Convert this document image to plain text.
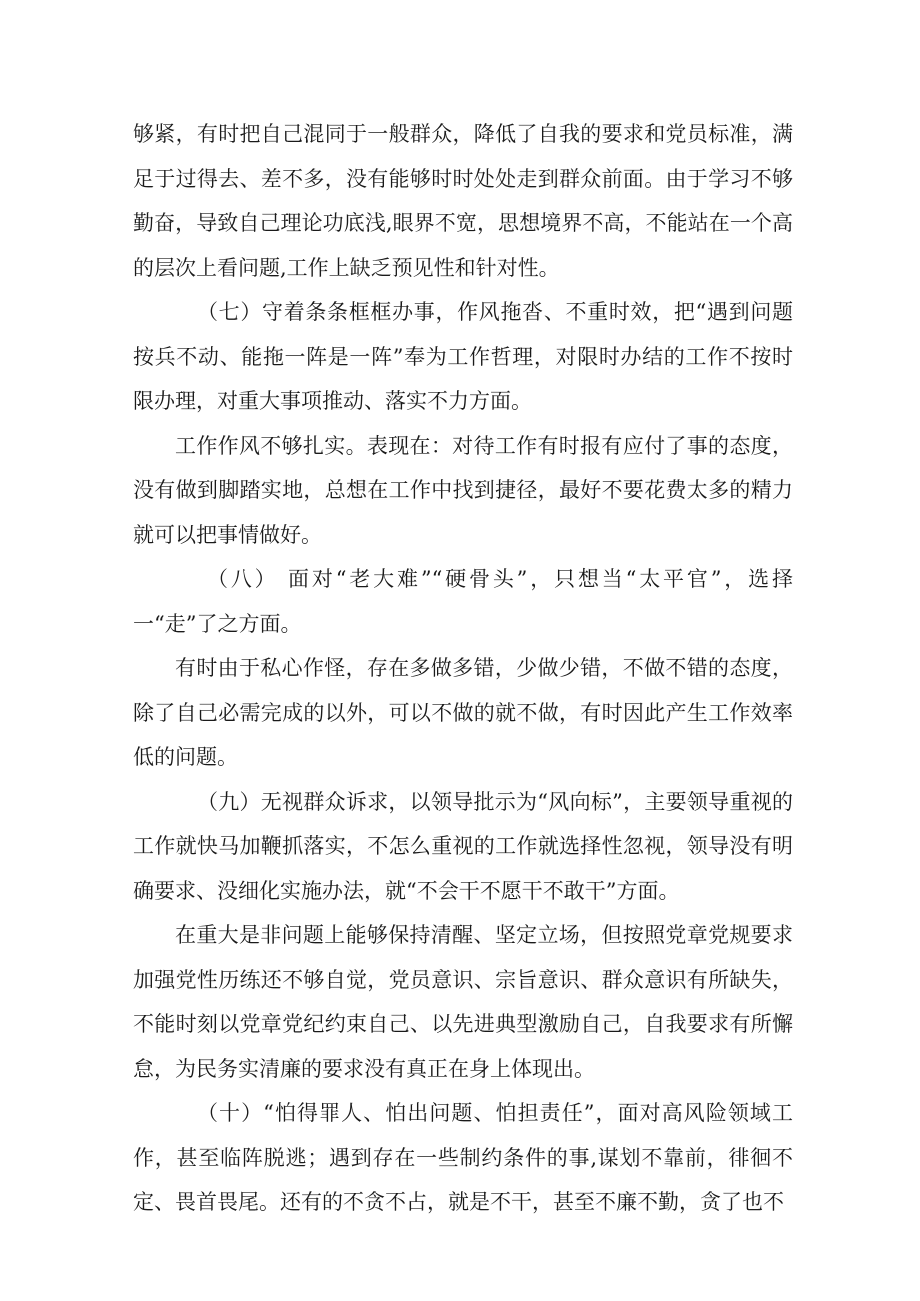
够紧，有时把自己混同于一般群众，降低了自我的要求和党员标准，满足于过得去、差不多，没有能够时时处处走到群众前面。由于学习不够勤奋，导致自己理论功底浅,眼界不宽，思想境界不高，不能站在一个高的层次上看问题,工作上缺乏预见性和针对性。

（七）守着条条框框办事，作风拖沓、不重时效，把“遇到问题按兵不动、能拖一阵是一阵”奉为工作哲理，对限时办结的工作不按时限办理，对重大事项推动、落实不力方面。

工作作风不够扎实。表现在：对待工作有时报有应付了事的态度，没有做到脚踏实地，总想在工作中找到捷径，最好不要花费太多的精力就可以把事情做好。

（八） 面对“老大难”“硬骨头”，只想当“太平官”，选择一“走”了之方面。

有时由于私心作怪，存在多做多错，少做少错，不做不错的态度，除了自己必需完成的以外，可以不做的就不做，有时因此产生工作效率低的问题。

（九）无视群众诉求，以领导批示为“风向标”，主要领导重视的工作就快马加鞭抓落实，不怎么重视的工作就选择性忽视，领导没有明确要求、没细化实施办法，就“不会干不愿干不敢干”方面。

在重大是非问题上能够保持清醒、坚定立场，但按照党章党规要求加强党性历练还不够自觉，党员意识、宗旨意识、群众意识有所缺失，不能时刻以党章党纪约束自己、以先进典型激励自己，自我要求有所懈怠，为民务实清廉的要求没有真正在身上体现出。

（十）“怕得罪人、怕出问题、怕担责任”，面对高风险领域工作，甚至临阵脱逃；遇到存在一些制约条件的事,谋划不靠前，徘徊不定、畏首畏尾。还有的不贪不占，就是不干，甚至不廉不勤，贪了也不
